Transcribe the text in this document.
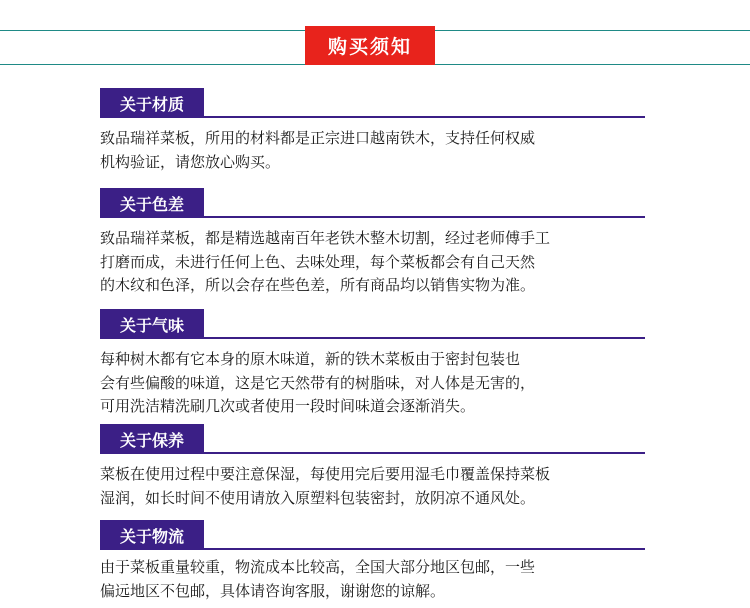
购买须知
关于材质
致品瑞祥菜板，所用的材料都是正宗进口越南铁木，支持任何权威
机构验证，请您放心购买。
关于色差
致品瑞祥菜板，都是精选越南百年老铁木整木切割，经过老师傅手工
打磨而成，未进行任何上色、去味处理，每个菜板都会有自己天然
的木纹和色泽，所以会存在些色差，所有商品均以销售实物为准。
关于气味
每种树木都有它本身的原木味道，新的铁木菜板由于密封包装也
会有些偏酸的味道，这是它天然带有的树脂味，对人体是无害的，
可用洗洁精洗刷几次或者使用一段时间味道会逐渐消失。
关于保养
菜板在使用过程中要注意保湿，每使用完后要用湿毛巾覆盖保持菜板
湿润，如长时间不使用请放入原塑料包装密封，放阴凉不通风处。
关于物流
由于菜板重量较重，物流成本比较高，全国大部分地区包邮，一些
偏远地区不包邮，具体请咨询客服，谢谢您的谅解。
